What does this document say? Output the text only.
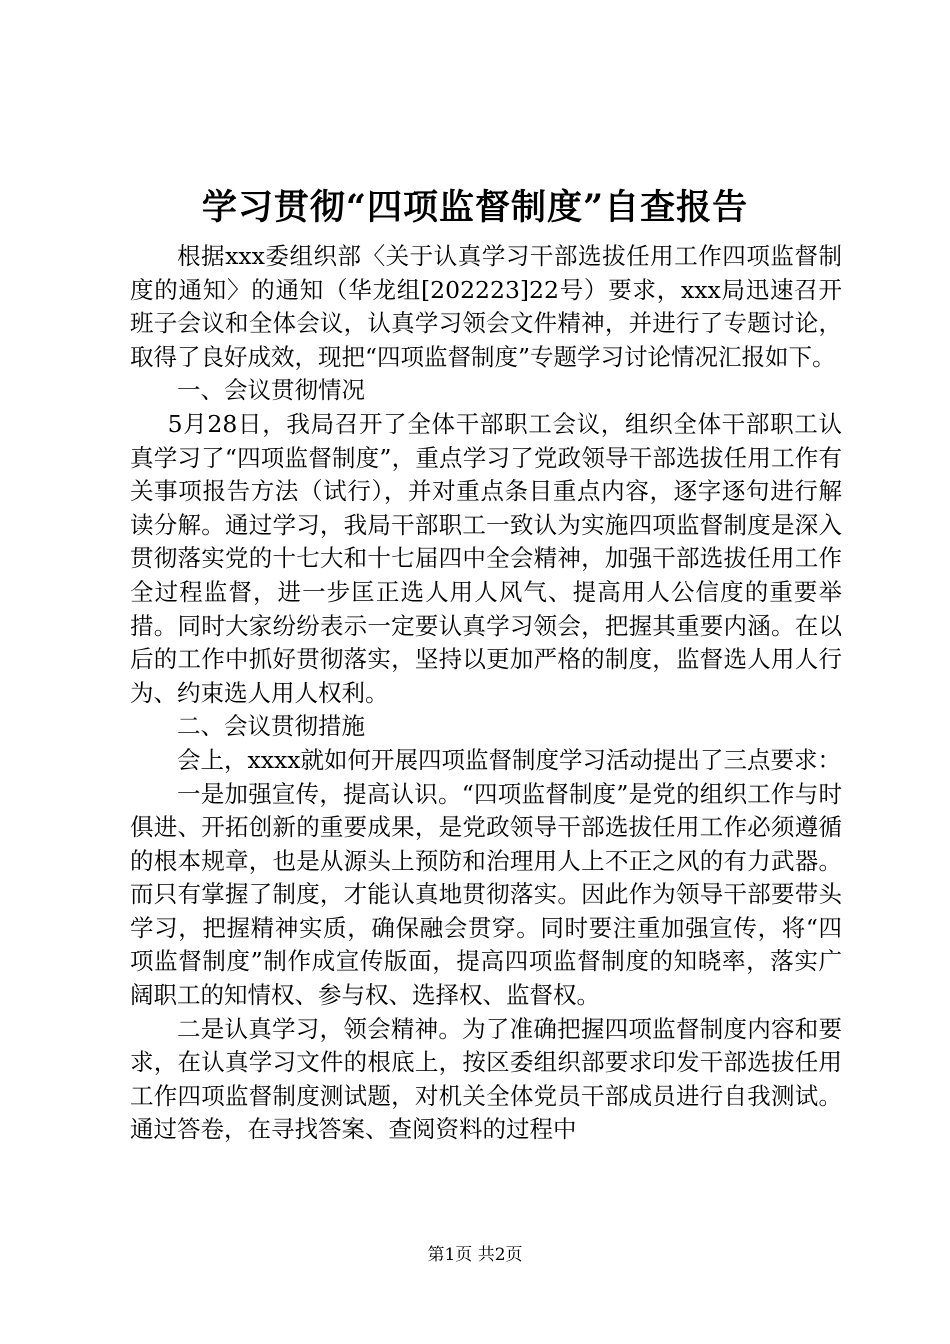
学习贯彻“四项监督制度”自查报告

根据xxx委组织部〈关于认真学习干部选拔任用工作四项监督制度的通知〉的通知（华龙组[202223]22号）要求，xxx局迅速召开班子会议和全体会议，认真学习领会文件精神，并进行了专题讨论，取得了良好成效，现把“四项监督制度”专题学习讨论情况汇报如下。

一、会议贯彻情况

5月28日，我局召开了全体干部职工会议，组织全体干部职工认真学习了“四项监督制度”，重点学习了党政领导干部选拔任用工作有关事项报告方法（试行），并对重点条目重点内容，逐字逐句进行解读分解。通过学习，我局干部职工一致认为实施四项监督制度是深入贯彻落实党的十七大和十七届四中全会精神，加强干部选拔任用工作全过程监督，进一步匡正选人用人风气、提高用人公信度的重要举措。同时大家纷纷表示一定要认真学习领会，把握其重要内涵。在以后的工作中抓好贯彻落实，坚持以更加严格的制度，监督选人用人行为、约束选人用人权利。

二、会议贯彻措施

会上，xxxx就如何开展四项监督制度学习活动提出了三点要求：

一是加强宣传，提高认识。“四项监督制度”是党的组织工作与时俱进、开拓创新的重要成果，是党政领导干部选拔任用工作必须遵循的根本规章，也是从源头上预防和治理用人上不正之风的有力武器。而只有掌握了制度，才能认真地贯彻落实。因此作为领导干部要带头学习，把握精神实质，确保融会贯穿。同时要注重加强宣传，将“四项监督制度”制作成宣传版面，提高四项监督制度的知晓率，落实广阔职工的知情权、参与权、选择权、监督权。

二是认真学习，领会精神。为了准确把握四项监督制度内容和要求，在认真学习文件的根底上，按区委组织部要求印发干部选拔任用工作四项监督制度测试题，对机关全体党员干部成员进行自我测试。通过答卷，在寻找答案、查阅资料的过程中

第1页 共2页
